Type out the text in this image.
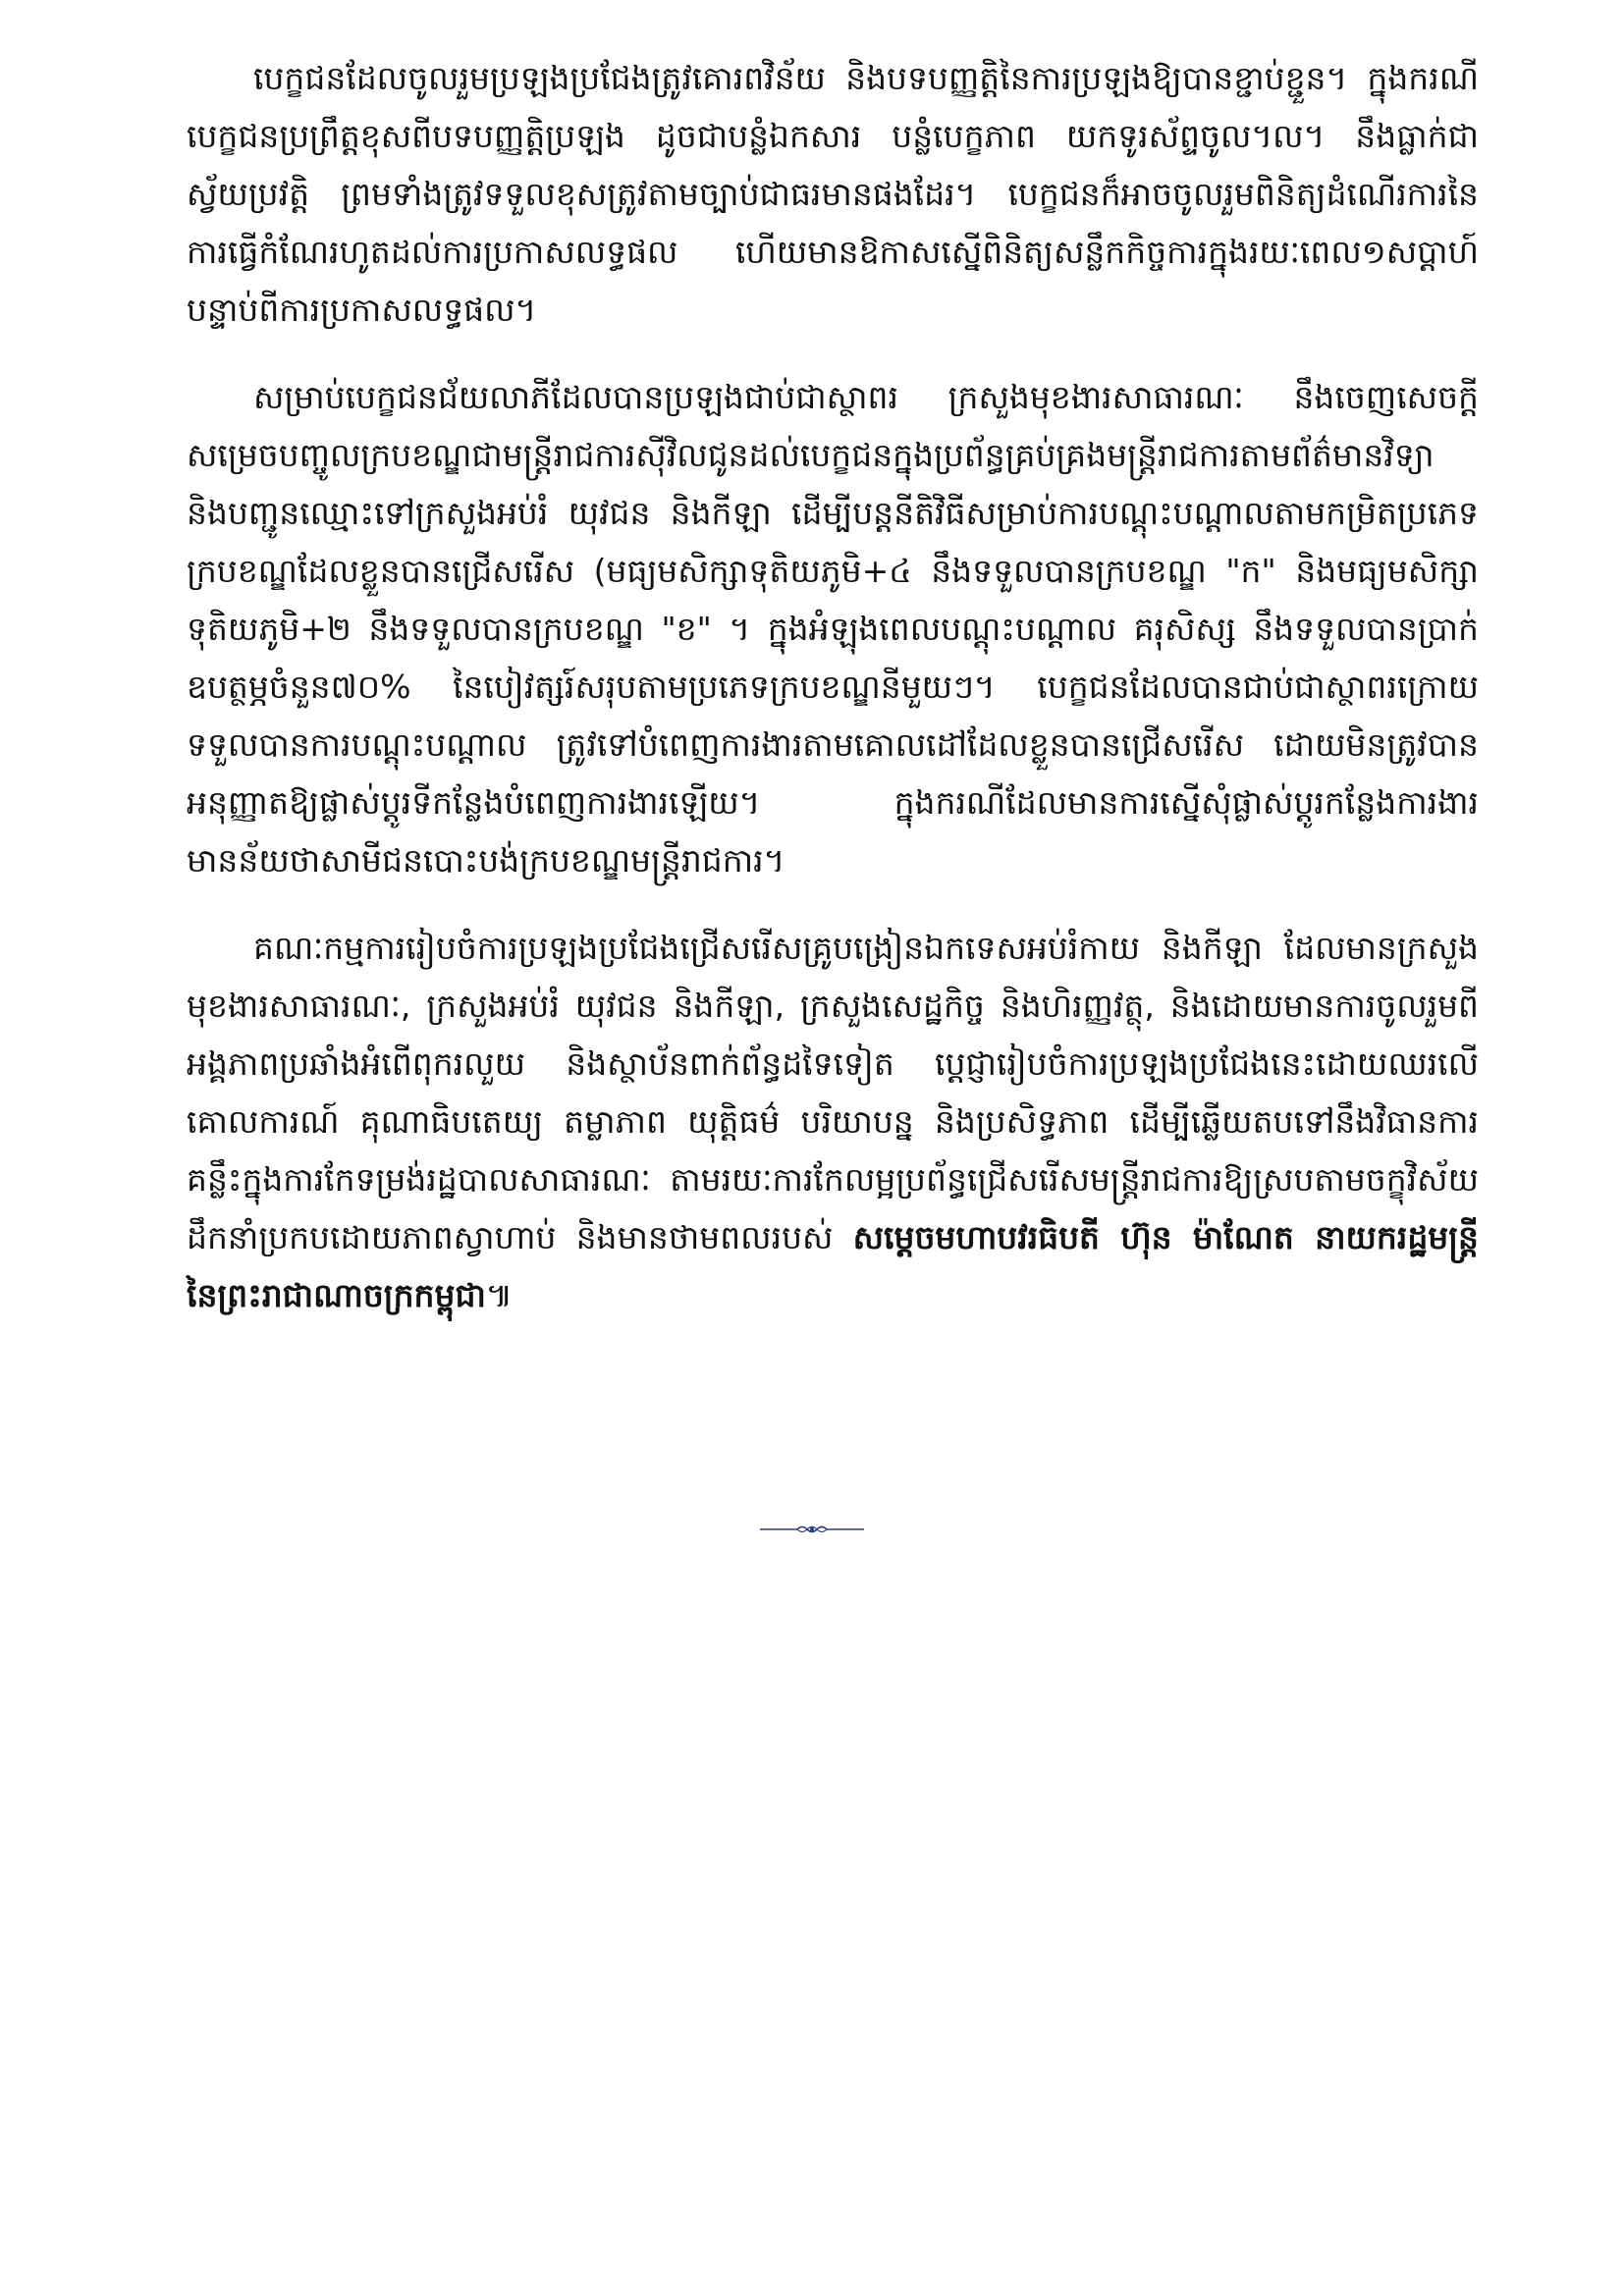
បេក្ខជនដែលចូលរួមប្រឡងប្រជែងត្រូវគោរពវិន័យ និងបទបញ្ញត្តិនៃការប្រឡងឱ្យបានខ្ជាប់ខ្ជួន។ ក្នុងករណីបេក្ខជនប្រព្រឹត្តខុសពីបទបញ្ញត្តិប្រឡង ដូចជាបន្លំឯកសារ បន្លំបេក្ខភាព យកទូរស័ព្ទចូល។ល។ នឹងធ្លាក់ជាស្វ័យប្រវត្តិ ព្រមទាំងត្រូវទទួលខុសត្រូវតាមច្បាប់ជាធរមានផងដែរ។ បេក្ខជនក៏អាចចូលរួមពិនិត្យដំណើរការនៃការធ្វើកំណែរហូតដល់ការប្រកាសលទ្ធផល ហើយមានឱកាសស្នើពិនិត្យសន្លឹកកិច្ចការក្នុងរយៈពេល១សប្តាហ៍បន្ទាប់ពីការប្រកាសលទ្ធផល។

សម្រាប់បេក្ខជនជ័យលាភីដែលបានប្រឡងជាប់ជាស្ថាពរ ក្រសួងមុខងារសាធារណៈ នឹងចេញសេចក្តីសម្រេចបញ្ចូលក្របខណ្ឌជាមន្ត្រីរាជការស៊ីវិលជូនដល់បេក្ខជនក្នុងប្រព័ន្ធគ្រប់គ្រងមន្ត្រីរាជការតាមព័ត៌មានវិទ្យា និងបញ្ជូនឈ្មោះទៅក្រសួងអប់រំ យុវជន និងកីឡា ដើម្បីបន្តនីតិវិធីសម្រាប់ការបណ្តុះបណ្តាលតាមកម្រិតប្រភេទក្របខណ្ឌដែលខ្លួនបានជ្រើសរើស (មធ្យមសិក្សាទុតិយភូមិ+៤ នឹងទទួលបានក្របខណ្ឌ "ក" និងមធ្យមសិក្សាទុតិយភូមិ+២ នឹងទទួលបានក្របខណ្ឌ "ខ" ។ ក្នុងអំឡុងពេលបណ្តុះបណ្តាល គរុសិស្ស នឹងទទួលបានប្រាក់ឧបត្ថម្ភចំនួន៧០% នៃបៀវត្សរ៍សរុបតាមប្រភេទក្របខណ្ឌនីមួយៗ។ បេក្ខជនដែលបានជាប់ជាស្ថាពរក្រោយទទួលបានការបណ្តុះបណ្តាល ត្រូវទៅបំពេញការងារតាមគោលដៅដែលខ្លួនបានជ្រើសរើស ដោយមិនត្រូវបានអនុញ្ញាតឱ្យផ្លាស់ប្តូរទីកន្លែងបំពេញការងារឡើយ។ ក្នុងករណីដែលមានការស្នើសុំផ្លាស់ប្តូរកន្លែងការងារ មានន័យថាសាមីជនបោះបង់ក្របខណ្ឌមន្ត្រីរាជការ។

គណៈកម្មការរៀបចំការប្រឡងប្រជែងជ្រើសរើសគ្រូបង្រៀនឯកទេសអប់រំកាយ និងកីឡា ដែលមានក្រសួងមុខងារសាធារណៈ, ក្រសួងអប់រំ យុវជន និងកីឡា, ក្រសួងសេដ្ឋកិច្ច និងហិរញ្ញវត្ថុ, និងដោយមានការចូលរួមពីអង្គភាពប្រឆាំងអំពើពុករលួយ និងស្ថាប័នពាក់ព័ន្ធដទៃទៀត ប្តេជ្ញារៀបចំការប្រឡងប្រជែងនេះដោយឈរលើគោលការណ៍ គុណាធិបតេយ្យ តម្លាភាព យុត្តិធម៌ បរិយាបន្ន និងប្រសិទ្ធភាព ដើម្បីឆ្លើយតបទៅនឹងវិធានការគន្លឹះក្នុងការកែទម្រង់រដ្ឋបាលសាធារណៈ តាមរយៈការកែលម្អប្រព័ន្ធជ្រើសរើសមន្ត្រីរាជការឱ្យស្របតាមចក្ខុវិស័យដឹកនាំប្រកបដោយភាពស្វាហាប់ និងមានថាមពលរបស់ សម្តេចមហាបវរធិបតី ហ៊ុន ម៉ាណែត នាយករដ្ឋមន្ត្រី នៃព្រះរាជាណាចក្រកម្ពុជា៕
